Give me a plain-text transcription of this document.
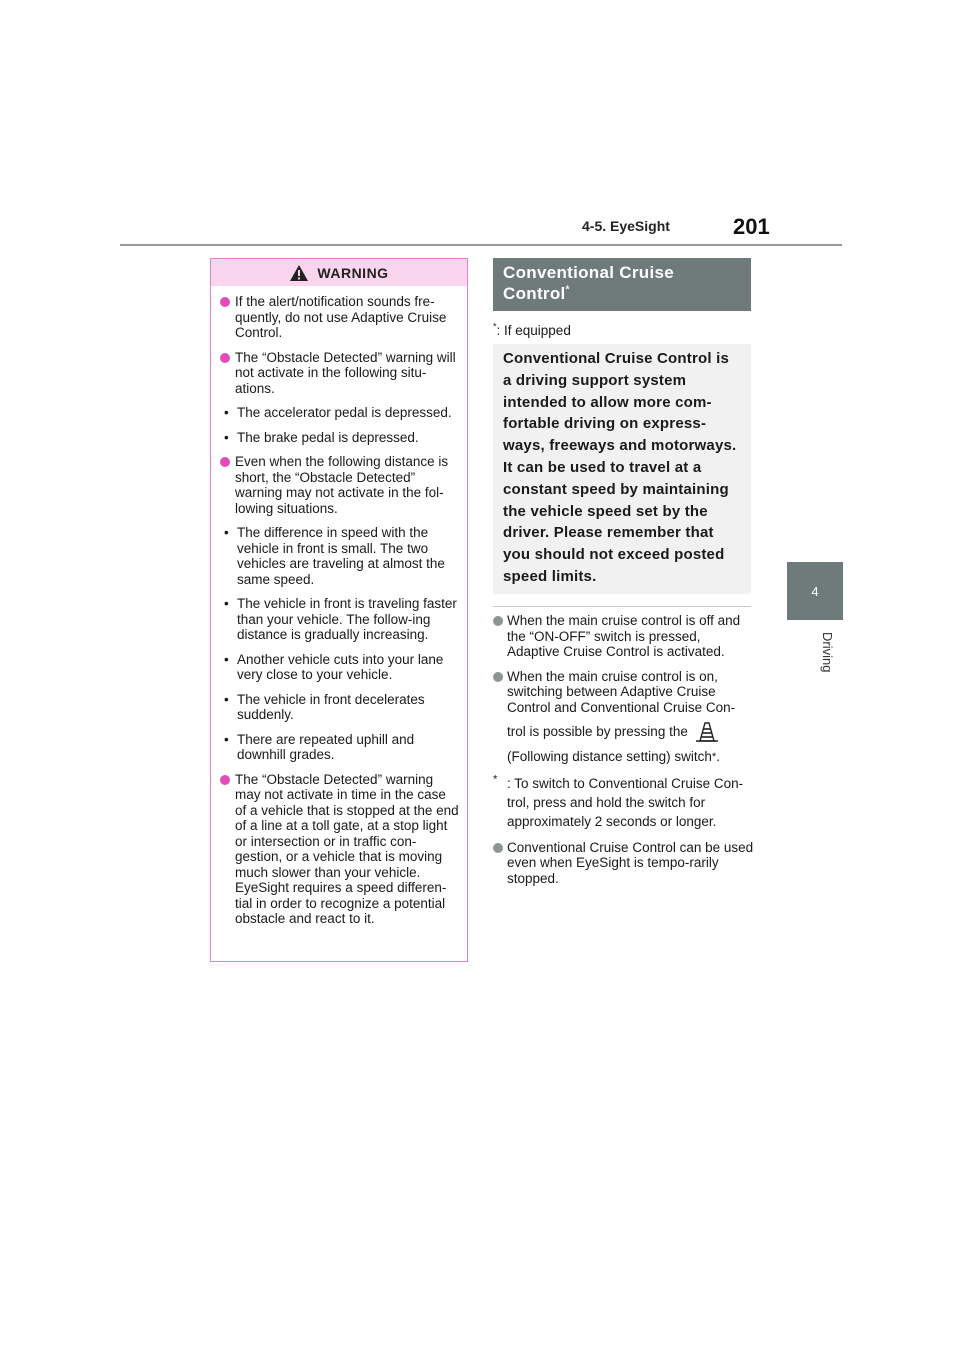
4-5. EyeSight	201
4
Driving
WARNING
If the alert/notification sounds fre-quently, do not use Adaptive Cruise Control.
The “Obstacle Detected” warning will not activate in the following situ-ations.
• The accelerator pedal is depressed.
• The brake pedal is depressed.
Even when the following distance is short, the “Obstacle Detected” warning may not activate in the fol-lowing situations.
• The difference in speed with the vehicle in front is small. The two vehicles are traveling at almost the same speed.
• The vehicle in front is traveling faster than your vehicle. The follow-ing distance is gradually increasing.
• Another vehicle cuts into your lane very close to your vehicle.
• The vehicle in front decelerates suddenly.
• There are repeated uphill and downhill grades.
The “Obstacle Detected” warning may not activate in time in the case of a vehicle that is stopped at the end of a line at a toll gate, at a stop light or intersection or in traffic con-gestion, or a vehicle that is moving much slower than your vehicle. EyeSight requires a speed differen-tial in order to recognize a potential obstacle and react to it.
Conventional Cruise
Control*
*: If equipped
Conventional Cruise Control is a driving support system intended to allow more com-fortable driving on express-ways, freeways and motorways. It can be used to travel at a constant speed by maintaining the vehicle speed set by the driver. Please remember that you should not exceed posted speed limits.
When the main cruise control is off and the “ON-OFF” switch is pressed, Adaptive Cruise Control is activated.
When the main cruise control is on, switching between Adaptive Cruise Control and Conventional Cruise Con-
trol is possible by pressing the
(Following distance setting) switch * .
* : To switch to Conventional Cruise Con-trol, press and hold the switch for approximately 2 seconds or longer.
Conventional Cruise Control can be used even when EyeSight is tempo-rarily stopped.
